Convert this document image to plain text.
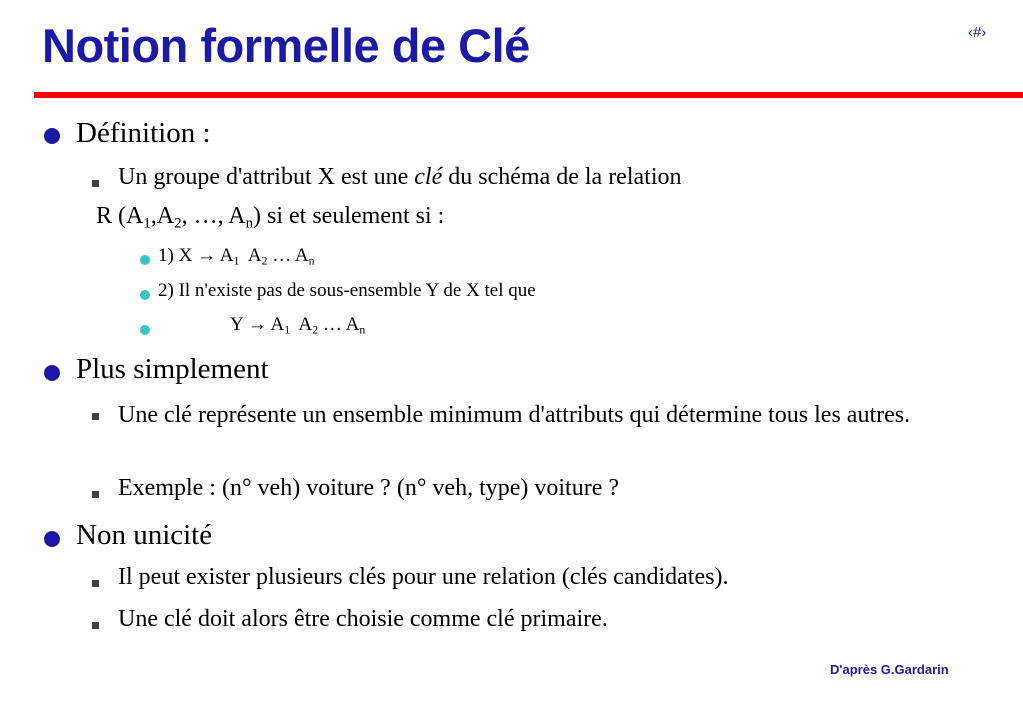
Notion formelle de Clé	‹#›
Définition :
Un groupe d'attribut X est une clé du schéma de la relation
R ($A_1,A_2$, …, $A_n$) si et seulement si :
1) $X \to A_1$  $A_2$ … $A_n$
2) Il n'existe pas de sous-ensemble Y de X tel que
$Y \to A_1$  $A_2$ … $A_n$
Plus simplement
Une clé représente un ensemble minimum d'attributs qui détermine tous les autres.
Exemple : (n° veh) voiture ? (n° veh, type) voiture ?
Non unicité
Il peut exister plusieurs clés pour une relation (clés candidates).
Une clé doit alors être choisie comme clé primaire.
D'après G.Gardarin
